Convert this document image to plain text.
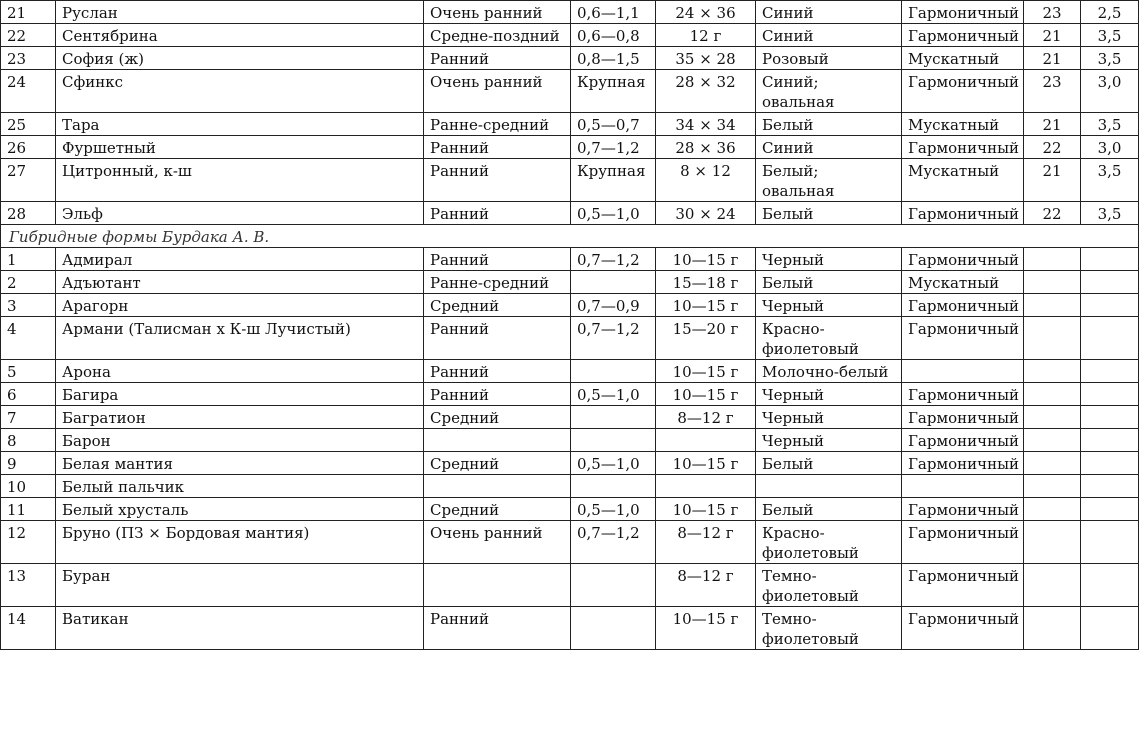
21	Руслан	Очень ранний	0,6—1,1	24 × 36	Синий	Гармоничный	23	2,5
22	Сентябрина	Средне-поздний	0,6—0,8	12 г	Синий	Гармоничный	21	3,5
23	София (ж)	Ранний	0,8—1,5	35 × 28	Розовый	Мускатный	21	3,5
24	Сфинкс	Очень ранний	Крупная	28 × 32	Синий; овальная	Гармоничный	23	3,0
25	Тара	Ранне-средний	0,5—0,7	34 × 34	Белый	Мускатный	21	3,5
26	Фуршетный	Ранний	0,7—1,2	28 × 36	Синий	Гармоничный	22	3,0
27	Цитронный, к-ш	Ранний	Крупная	8 × 12	Белый; овальная	Мускатный	21	3,5
28	Эльф	Ранний	0,5—1,0	30 × 24	Белый	Гармоничный	22	3,5
Гибридные формы Бурдака А. В.								
1	Адмирал	Ранний	0,7—1,2	10—15 г	Черный	Гармоничный		
2	Адъютант	Ранне-средний		15—18 г	Белый	Мускатный		
3	Арагорн	Средний	0,7—0,9	10—15 г	Черный	Гармоничный		
4	Армани (Талисман х К-ш Лучистый)	Ранний	0,7—1,2	15—20 г	Красно-фиолетовый	Гармоничный		
5	Арона	Ранний		10—15 г	Молочно-белый			
6	Багира	Ранний	0,5—1,0	10—15 г	Черный	Гармоничный		
7	Багратион	Средний		8—12 г	Черный	Гармоничный		
8	Барон				Черный	Гармоничный		
9	Белая мантия	Средний	0,5—1,0	10—15 г	Белый	Гармоничный		
10	Белый пальчик							
11	Белый хрусталь	Средний	0,5—1,0	10—15 г	Белый	Гармоничный		
12	Бруно (ПЗ × Бордовая мантия)	Очень ранний	0,7—1,2	8—12 г	Красно-фиолетовый	Гармоничный		
13	Буран			8—12 г	Темно-фиолетовый	Гармоничный		
14	Ватикан	Ранний		10—15 г	Темно-фиолетовый	Гармоничный		
